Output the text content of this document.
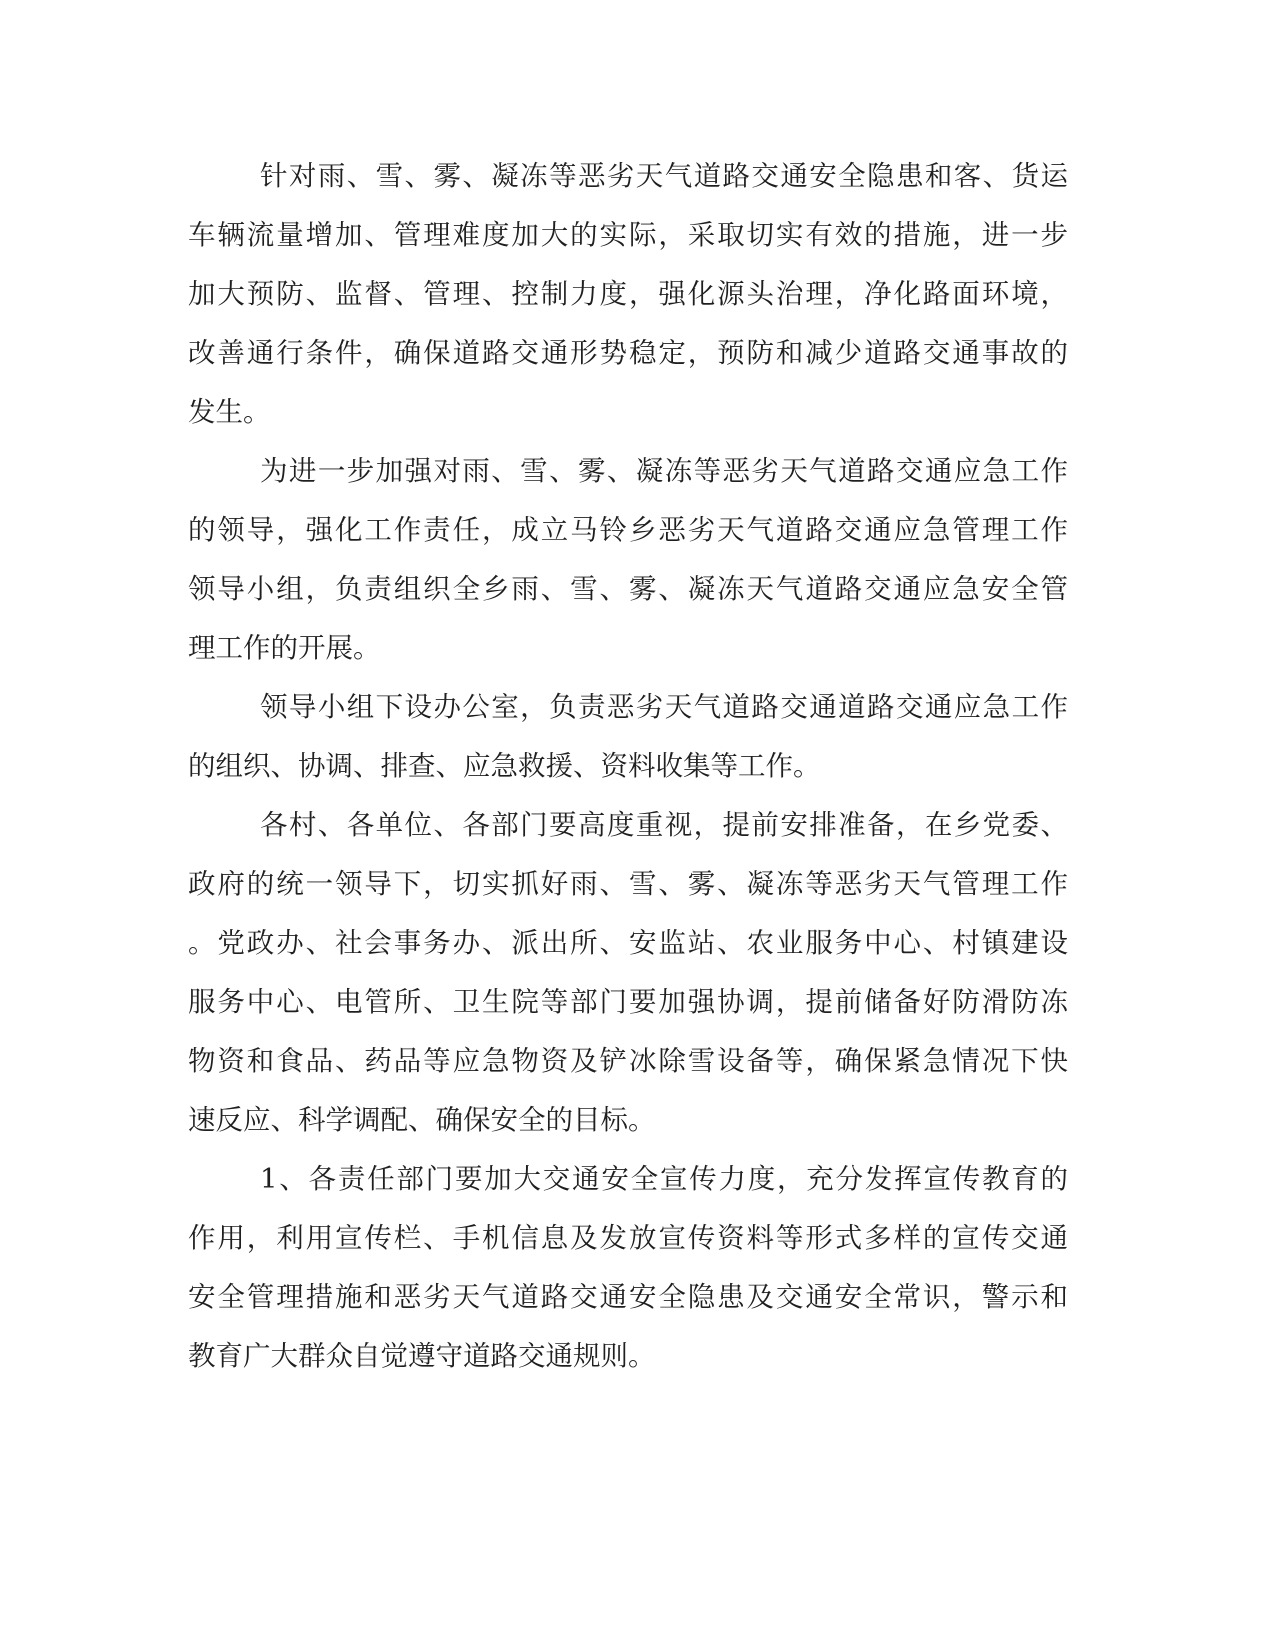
针对雨、雪、雾、凝冻等恶劣天气道路交通安全隐患和客、货运
车辆流量增加、管理难度加大的实际，采取切实有效的措施，进一步
加大预防、监督、管理、控制力度，强化源头治理，净化路面环境，
改善通行条件，确保道路交通形势稳定，预防和减少道路交通事故的
发生。
为进一步加强对雨、雪、雾、凝冻等恶劣天气道路交通应急工作
的领导，强化工作责任，成立马铃乡恶劣天气道路交通应急管理工作
领导小组，负责组织全乡雨、雪、雾、凝冻天气道路交通应急安全管
理工作的开展。
领导小组下设办公室，负责恶劣天气道路交通道路交通应急工作
的组织、协调、排查、应急救援、资料收集等工作。
各村、各单位、各部门要高度重视，提前安排准备，在乡党委、
政府的统一领导下，切实抓好雨、雪、雾、凝冻等恶劣天气管理工作
。党政办、社会事务办、派出所、安监站、农业服务中心、村镇建设
服务中心、电管所、卫生院等部门要加强协调，提前储备好防滑防冻
物资和食品、药品等应急物资及铲冰除雪设备等，确保紧急情况下快
速反应、科学调配、确保安全的目标。
1、各责任部门要加大交通安全宣传力度，充分发挥宣传教育的
作用，利用宣传栏、手机信息及发放宣传资料等形式多样的宣传交通
安全管理措施和恶劣天气道路交通安全隐患及交通安全常识，警示和
教育广大群众自觉遵守道路交通规则。
